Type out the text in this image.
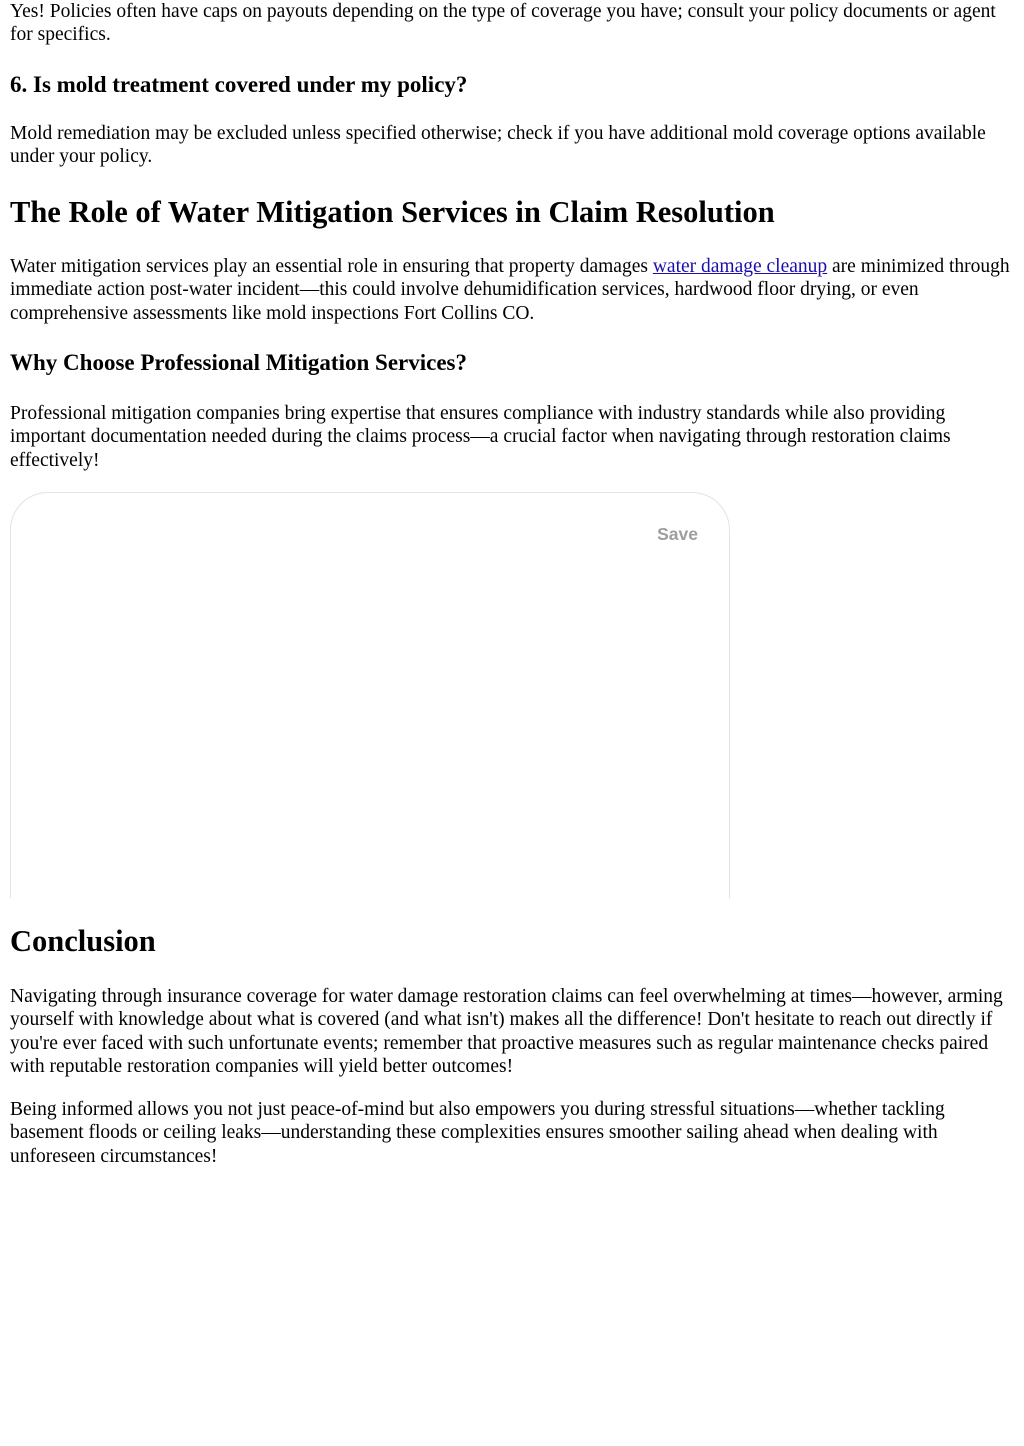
Yes! Policies often have caps on payouts depending on the type of coverage you have; consult your policy documents or agent for specifics.

6. Is mold treatment covered under my policy?

Mold remediation may be excluded unless specified otherwise; check if you have additional mold coverage options available under your policy.

The Role of Water Mitigation Services in Claim Resolution

Water mitigation services play an essential role in ensuring that property damages water damage cleanup are minimized through immediate action post-water incident—this could involve dehumidification services, hardwood floor drying, or even comprehensive assessments like mold inspections Fort Collins CO.

Why Choose Professional Mitigation Services?

Professional mitigation companies bring expertise that ensures compliance with industry standards while also providing important documentation needed during the claims process—a crucial factor when navigating through restoration claims effectively!

Save
Conclusion

Navigating through insurance coverage for water damage restoration claims can feel overwhelming at times—however, arming yourself with knowledge about what is covered (and what isn't) makes all the difference! Don't hesitate to reach out directly if you're ever faced with such unfortunate events; remember that proactive measures such as regular maintenance checks paired with reputable restoration companies will yield better outcomes!

Being informed allows you not just peace-of-mind but also empowers you during stressful situations—whether tackling basement floods or ceiling leaks—understanding these complexities ensures smoother sailing ahead when dealing with unforeseen circumstances!
